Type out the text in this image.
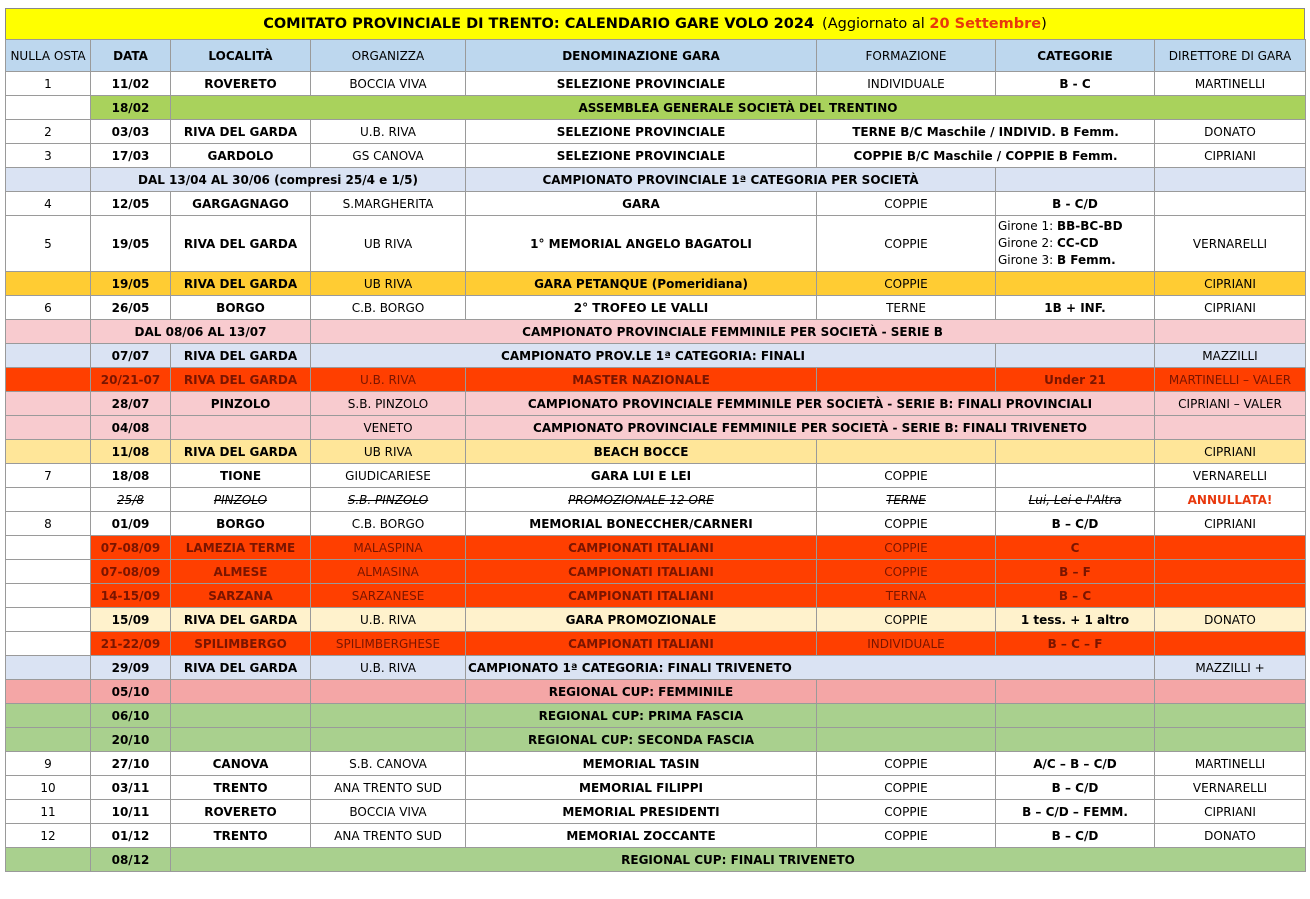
COMITATO PROVINCIALE DI TRENTO: CALENDARIO GARE VOLO 2024 (Aggiornato al 20 Settembre)
NULLA OSTA	DATA	LOCALITÀ	ORGANIZZA	DENOMINAZIONE GARA	FORMAZIONE	CATEGORIE	DIRETTORE DI GARA
1	11/02	ROVERETO	BOCCIA VIVA	SELEZIONE PROVINCIALE	INDIVIDUALE	B - C	MARTINELLI
	18/02	ASSEMBLEA GENERALE SOCIETÀ DEL TRENTINO					
2	03/03	RIVA DEL GARDA	U.B. RIVA	SELEZIONE PROVINCIALE	TERNE B/C Maschile / INDIVID. B Femm.		DONATO
3	17/03	GARDOLO	GS CANOVA	SELEZIONE PROVINCIALE	COPPIE B/C Maschile / COPPIE B Femm.		CIPRIANI
	DAL 13/04 AL 30/06 (compresi 25/4 e 1/5)			CAMPIONATO PROVINCIALE 1ª CATEGORIA PER SOCIETÀ			
4	12/05	GARGAGNAGO	S.MARGHERITA	GARA	COPPIE	B - C/D	
5	19/05	RIVA DEL GARDA	UB RIVA	1° MEMORIAL ANGELO BAGATOLI	COPPIE	Girone 1: BB-BC-BD
Girone 2: CC-CD
Girone 3: B Femm.	VERNARELLI
	19/05	RIVA DEL GARDA	UB RIVA	GARA PETANQUE (Pomeridiana)	COPPIE		CIPRIANI
6	26/05	BORGO	C.B. BORGO	2° TROFEO LE VALLI	TERNE	1B + INF.	CIPRIANI
	DAL 08/06 AL 13/07		CAMPIONATO PROVINCIALE FEMMINILE PER SOCIETÀ - SERIE B				
	07/07	RIVA DEL GARDA	CAMPIONATO PROV.LE 1ª CATEGORIA: FINALI				MAZZILLI
	20/21-07	RIVA DEL GARDA	U.B. RIVA	MASTER NAZIONALE		Under 21	MARTINELLI – VALER
	28/07	PINZOLO	S.B. PINZOLO	CAMPIONATO PROVINCIALE FEMMINILE PER SOCIETÀ - SERIE B: FINALI PROVINCIALI			CIPRIANI – VALER
	04/08		VENETO	CAMPIONATO PROVINCIALE FEMMINILE PER SOCIETÀ - SERIE B: FINALI TRIVENETO			
	11/08	RIVA DEL GARDA	UB RIVA	BEACH BOCCE			CIPRIANI
7	18/08	TIONE	GIUDICARIESE	GARA LUI E LEI	COPPIE		VERNARELLI
	25/8	PINZOLO	S.B. PINZOLO	PROMOZIONALE 12 ORE	TERNE	Lui, Lei e l'Altra	ANNULLATA!
8	01/09	BORGO	C.B. BORGO	MEMORIAL BONECCHER/CARNERI	COPPIE	B – C/D	CIPRIANI
	07-08/09	LAMEZIA TERME	MALASPINA	CAMPIONATI ITALIANI	COPPIE	C	
	07-08/09	ALMESE	ALMASINA	CAMPIONATI ITALIANI	COPPIE	B – F	
	14-15/09	SARZANA	SARZANESE	CAMPIONATI ITALIANI	TERNA	B – C	
	15/09	RIVA DEL GARDA	U.B. RIVA	GARA PROMOZIONALE	COPPIE	1 tess. + 1 altro	DONATO
	21-22/09	SPILIMBERGO	SPILIMBERGHESE	CAMPIONATI ITALIANI	INDIVIDUALE	B – C – F	
	29/09	RIVA DEL GARDA	U.B. RIVA	CAMPIONATO 1ª CATEGORIA: FINALI TRIVENETO			MAZZILLI +
	05/10			REGIONAL CUP: FEMMINILE			
	06/10			REGIONAL CUP: PRIMA FASCIA			
	20/10			REGIONAL CUP: SECONDA FASCIA			
9	27/10	CANOVA	S.B. CANOVA	MEMORIAL TASIN	COPPIE	A/C – B – C/D	MARTINELLI
10	03/11	TRENTO	ANA TRENTO SUD	MEMORIAL FILIPPI	COPPIE	B – C/D	VERNARELLI
11	10/11	ROVERETO	BOCCIA VIVA	MEMORIAL PRESIDENTI	COPPIE	B – C/D – FEMM.	CIPRIANI
12	01/12	TRENTO	ANA TRENTO SUD	MEMORIAL ZOCCANTE	COPPIE	B – C/D	DONATO
	08/12	REGIONAL CUP: FINALI TRIVENETO					
